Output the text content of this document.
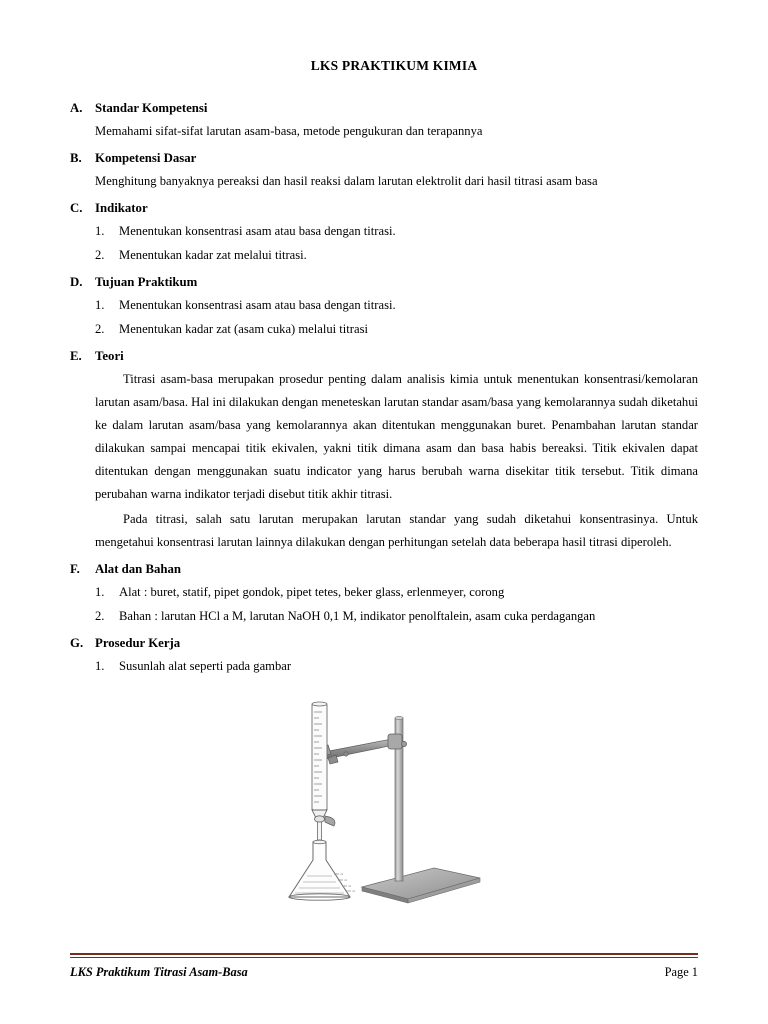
LKS PRAKTIKUM KIMIA
A. Standar Kompetensi
Memahami sifat-sifat larutan asam-basa, metode pengukuran dan terapannya
B.	Kompetensi Dasar
Menghitung banyaknya pereaksi dan hasil reaksi dalam larutan elektrolit dari hasil titrasi asam basa
C. Indikator
1.	Menentukan konsentrasi asam atau basa dengan titrasi.
2.	Menentukan kadar zat melalui titrasi.
D. Tujuan Praktikum
1.	Menentukan konsentrasi asam atau basa dengan titrasi.
2.	Menentukan kadar zat (asam cuka) melalui titrasi
E.	Teori
Titrasi asam-basa merupakan prosedur penting dalam analisis kimia untuk menentukan konsentrasi/kemolaran larutan asam/basa. Hal ini dilakukan dengan meneteskan larutan standar asam/basa yang kemolarannya sudah diketahui ke dalam larutan asam/basa yang kemolarannya akan ditentukan menggunakan buret. Penambahan larutan standar dilakukan sampai mencapai titik ekivalen, yakni titik dimana asam dan basa habis bereaksi. Titik ekivalen dapat ditentukan dengan menggunakan suatu indicator yang harus berubah warna disekitar titik tersebut. Titik dimana perubahan warna indikator terjadi disebut titik akhir titrasi.
Pada titrasi, salah satu larutan merupakan larutan standar yang sudah diketahui konsentrasinya. Untuk mengetahui konsentrasi larutan lainnya dilakukan dengan perhitungan setelah data beberapa hasil titrasi diperoleh.
F.	Alat dan Bahan
1.	Alat : buret, statif, pipet gondok, pipet tetes, beker glass, erlenmeyer, corong
2.	Bahan : larutan HCl a M, larutan NaOH 0,1 M, indikator penolftalein, asam cuka perdagangan
G. Prosedur Kerja
1.	Susunlah alat seperti pada gambar
250 ml
200 ml
150 ml
100 ml
LKS Praktikum Titrasi Asam-Basa	Page 1
